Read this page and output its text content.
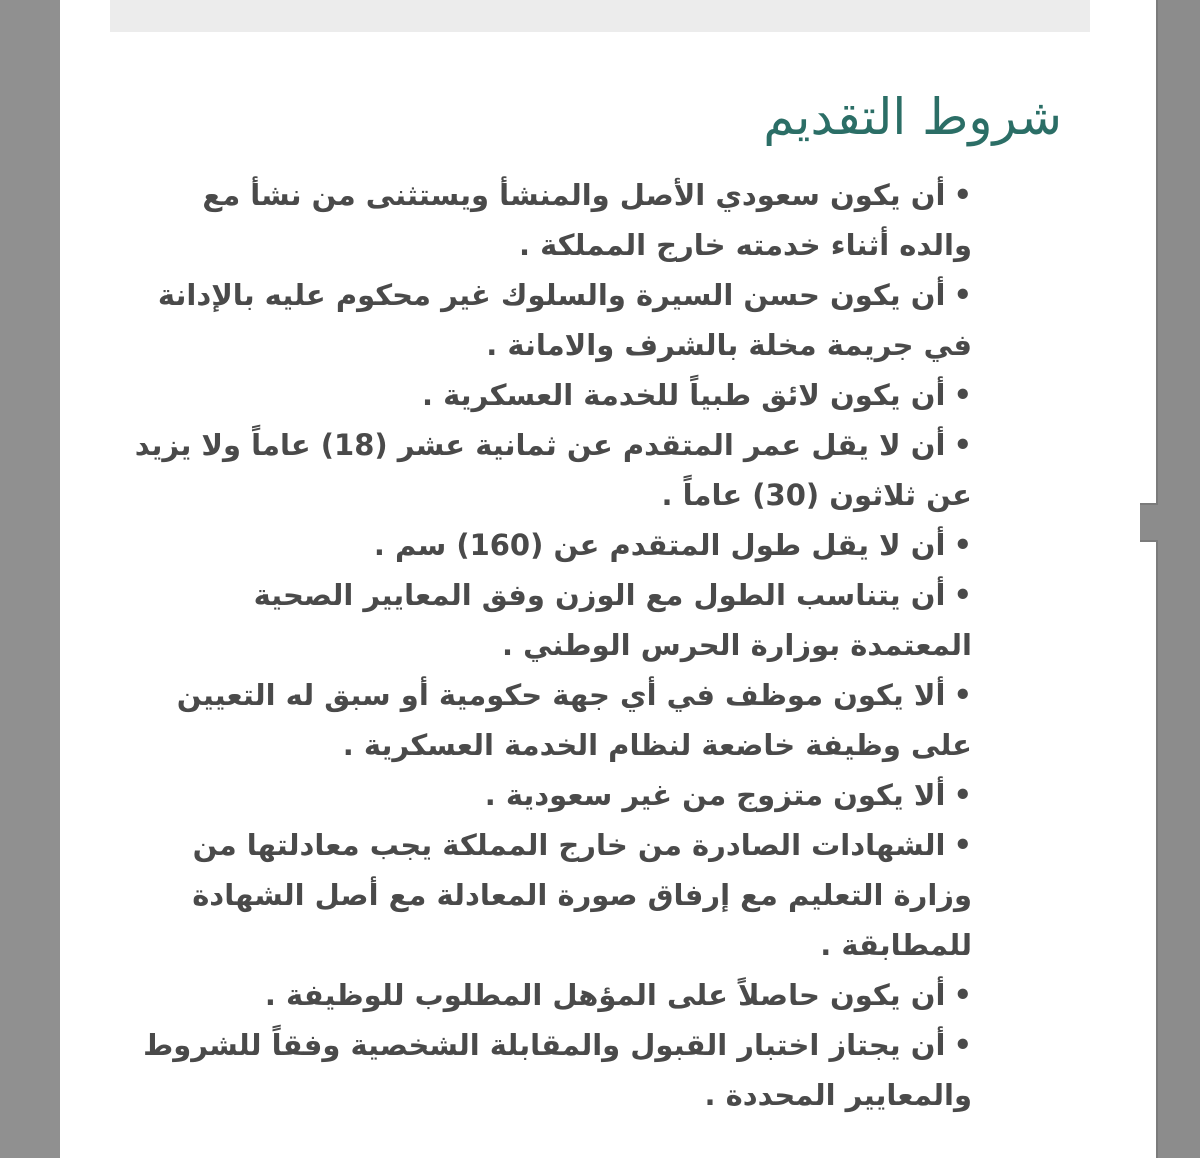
شروط التقديم
•أن يكون سعودي الأصل والمنشأ ويستثنى من نشأ مع والده أثناء خدمته خارج المملكة .
•أن يكون حسن السيرة والسلوك غير محكوم عليه بالإدانة في جريمة مخلة بالشرف والامانة .
•أن يكون لائق طبياً للخدمة العسكرية .
•أن لا يقل عمر المتقدم عن ثمانية عشر (18) عاماً ولا يزيد عن ثلاثون (30) عاماً .
•أن لا يقل طول المتقدم عن (160) سم .
•أن يتناسب الطول مع الوزن وفق المعايير الصحية المعتمدة بوزارة الحرس الوطني .
•ألا يكون موظف في أي جهة حكومية أو سبق له التعيين على وظيفة خاضعة لنظام الخدمة العسكرية .
•ألا يكون متزوج من غير سعودية .
•الشهادات الصادرة من خارج المملكة يجب معادلتها من وزارة التعليم مع إرفاق صورة المعادلة مع أصل الشهادة للمطابقة .
•أن يكون حاصلاً على المؤهل المطلوب للوظيفة .
•أن يجتاز اختبار القبول والمقابلة الشخصية وفقاً للشروط والمعايير المحددة .
